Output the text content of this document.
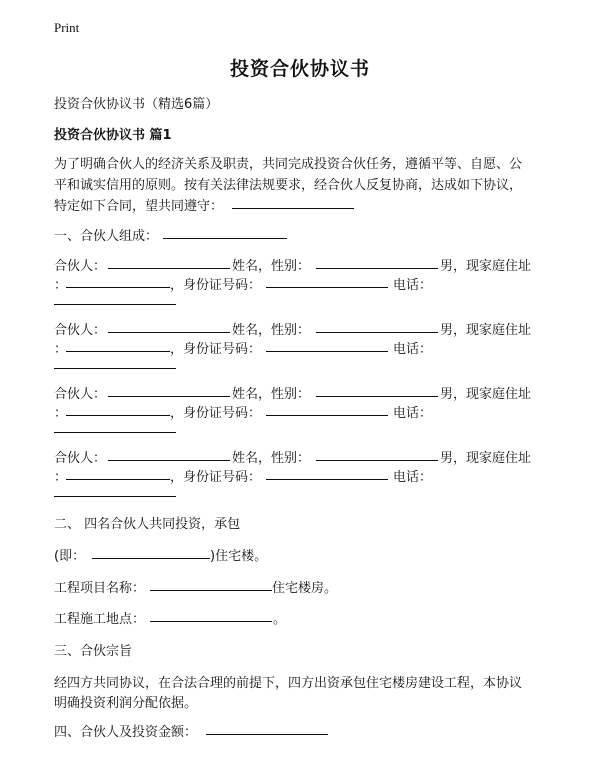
Print
投资合伙协议书
投资合伙协议书（精选6篇）
投资合伙协议书 篇1
为了明确合伙人的经济关系及职责，共同完成投资合伙任务，遵循平等、自愿、公
平和诚实信用的原则。按有关法律法规要求，经合伙人反复协商，达成如下协议，
特定如下合同，望共同遵守：
一、合伙人组成：
合伙人：	姓名，性别：	男，现家庭住址
：	，身份证号码：	电话：
合伙人：	姓名，性别：	男，现家庭住址
：	，身份证号码：	电话：
合伙人：	姓名，性别：	男，现家庭住址
：	，身份证号码：	电话：
合伙人：	姓名，性别：	男，现家庭住址
：	，身份证号码：	电话：
二、 四名合伙人共同投资，承包
(即：	)住宅楼。
工程项目名称：	住宅楼房。
工程施工地点：	。
三、合伙宗旨
经四方共同协议，在合法合理的前提下，四方出资承包住宅楼房建设工程，本协议
明确投资利润分配依据。
四、合伙人及投资金额：
